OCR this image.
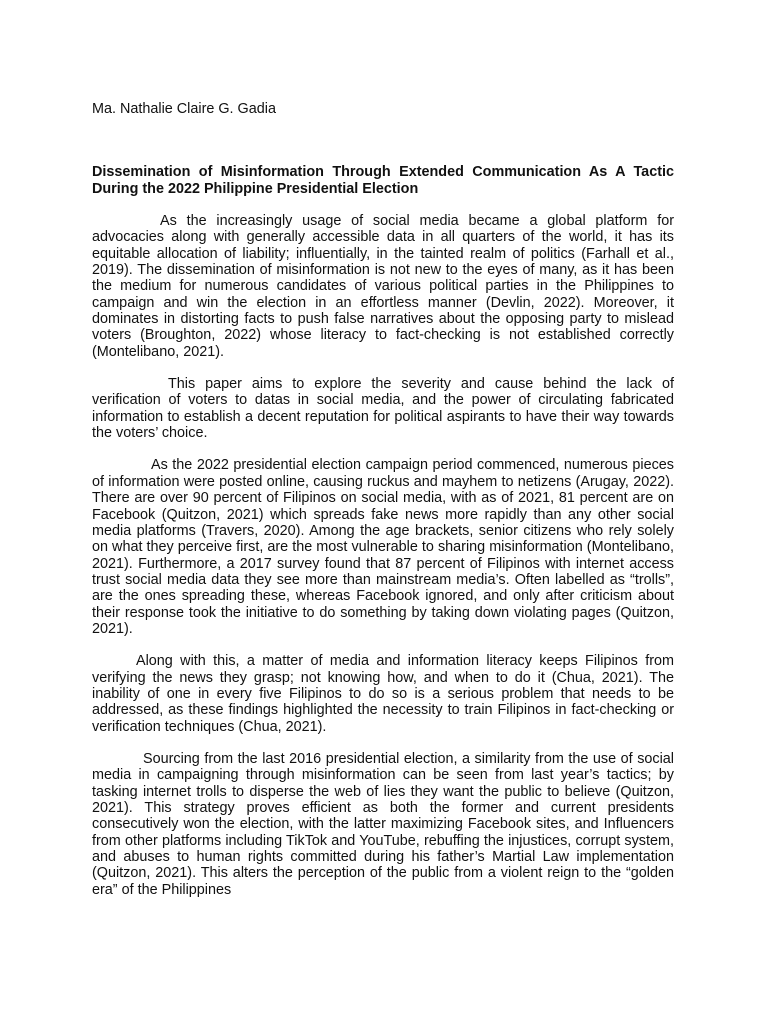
Ma. Nathalie Claire G. Gadia

Dissemination of Misinformation Through Extended Communication As A Tactic During the 2022 Philippine Presidential Election

As the increasingly usage of social media became a global platform for advocacies along with generally accessible data in all quarters of the world, it has its equitable allocation of liability; influentially, in the tainted realm of politics (Farhall et al., 2019). The dissemination of misinformation is not new to the eyes of many, as it has been the medium for numerous candidates of various political parties in the Philippines to campaign and win the election in an effortless manner (Devlin, 2022). Moreover, it dominates in distorting facts to push false narratives about the opposing party to mislead voters (Broughton, 2022) whose literacy to fact-checking is not established correctly (Montelibano, 2021).

This paper aims to explore the severity and cause behind the lack of verification of voters to datas in social media, and the power of circulating fabricated information to establish a decent reputation for political aspirants to have their way towards the voters’ choice.

As the 2022 presidential election campaign period commenced, numerous pieces of information were posted online, causing ruckus and mayhem to netizens (Arugay, 2022). There are over 90 percent of Filipinos on social media, with as of 2021, 81 percent are on Facebook (Quitzon, 2021) which spreads fake news more rapidly than any other social media platforms (Travers, 2020). Among the age brackets, senior citizens who rely solely on what they perceive first, are the most vulnerable to sharing misinformation (Montelibano, 2021). Furthermore, a 2017 survey found that 87 percent of Filipinos with internet access trust social media data they see more than mainstream media’s. Often labelled as “trolls”, are the ones spreading these, whereas Facebook ignored, and only after criticism about their response took the initiative to do something by taking down violating pages (Quitzon, 2021).

Along with this, a matter of media and information literacy keeps Filipinos from verifying the news they grasp; not knowing how, and when to do it (Chua, 2021). The inability of one in every five Filipinos to do so is a serious problem that needs to be addressed, as these findings highlighted the necessity to train Filipinos in fact-checking or verification techniques (Chua, 2021).

Sourcing from the last 2016 presidential election, a similarity from the use of social media in campaigning through misinformation can be seen from last year’s tactics; by tasking internet trolls to disperse the web of lies they want the public to believe (Quitzon, 2021). This strategy proves efficient as both the former and current presidents consecutively won the election, with the latter maximizing Facebook sites, and Influencers from other platforms including TikTok and YouTube, rebuffing the injustices, corrupt system, and abuses to human rights committed during his father’s Martial Law implementation (Quitzon, 2021). This alters the perception of the public from a violent reign to the “golden era” of the Philippines
